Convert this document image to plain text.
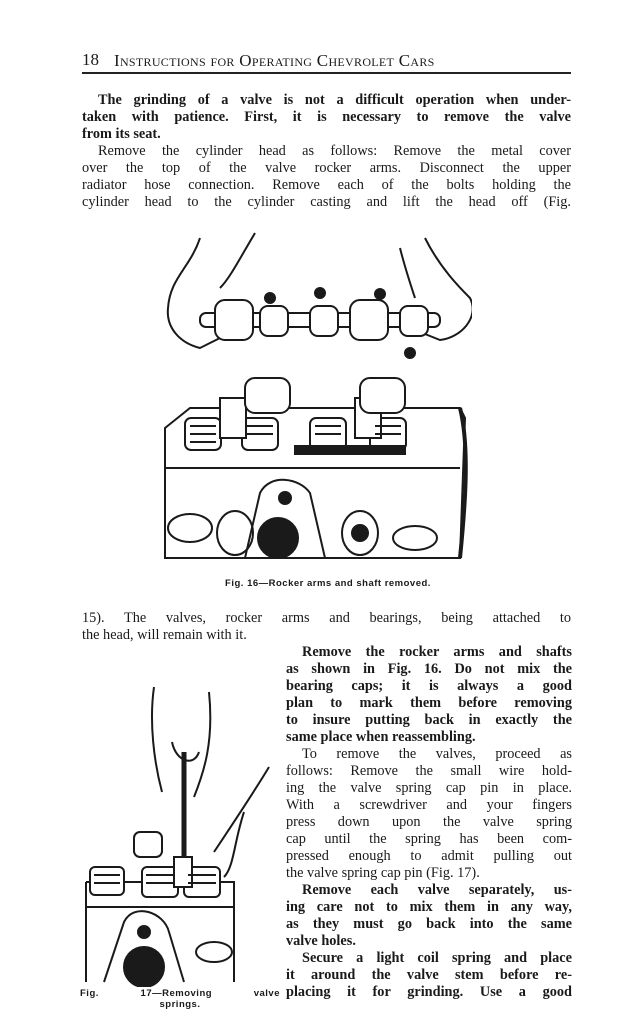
18 Instructions for Operating Chevrolet Cars
The grinding of a valve is not a difficult operation when under-
taken with patience. First, it is necessary to remove the valve
from its seat.
Remove the cylinder head as follows: Remove the metal cover
over the top of the valve rocker arms. Disconnect the upper
radiator hose connection. Remove each of the bolts holding the
cylinder head to the cylinder casting and lift the head off (Fig.
Fig. 16—Rocker arms and shaft removed.
15). The valves, rocker arms and bearings, being attached to
the head, will remain with it.
Remove the rocker arms and shafts
as shown in Fig. 16. Do not mix the
bearing caps; it is always a good
plan to mark them before removing
to insure putting back in exactly the
same place when reassembling.
To remove the valves, proceed as
follows: Remove the small wire hold-
ing the valve spring cap pin in place.
With a screwdriver and your fingers
press down upon the valve spring
cap until the spring has been com-
pressed enough to admit pulling out
the valve spring cap pin (Fig. 17).
Remove each valve separately, us-
ing care not to mix them in any way,
as they must go back into the same
valve holes.
Secure a light coil spring and place
it around the valve stem before re-
placing it for grinding. Use a good
Fig. 17—Removing valve
springs.
